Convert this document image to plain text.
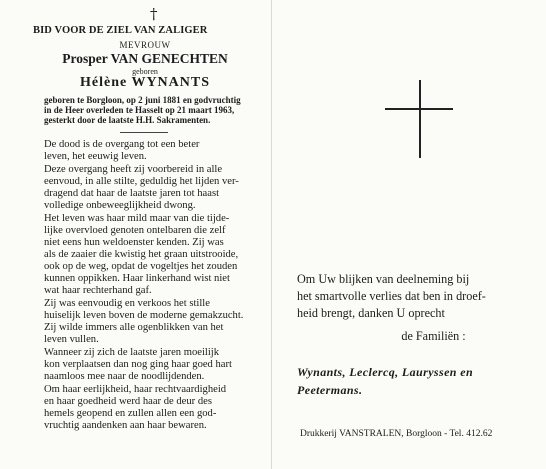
†
BID VOOR DE ZIEL VAN ZALIGER
MEVROUW
Prosper VAN GENECHTEN
geboren
Hélène WYNANTS
geboren te Borgloon, op 2 juni 1881 en godvruchtig
in de Heer overleden te Hasselt op 21 maart 1963,
gesterkt door de laatste H.H. Sakramenten.
De dood is de overgang tot een beter
leven, het eeuwig leven.
Deze overgang heeft zij voorbereid in alle
eenvoud, in alle stilte, geduldig het lijden ver-
dragend dat haar de laatste jaren tot haast
volledige onbeweeglijkheid dwong.
Het leven was haar mild maar van die tijde-
lijke overvloed genoten ontelbaren die zelf
niet eens hun weldoenster kenden. Zij was
als de zaaier die kwistig het graan uitstrooide,
ook op de weg, opdat de vogeltjes het zouden
kunnen oppikken. Haar linkerhand wist niet
wat haar rechterhand gaf.
Zij was eenvoudig en verkoos het stille
huiselijk leven boven de moderne gemakzucht.
Zij wilde immers alle ogenblikken van het
leven vullen.
Wanneer zij zich de laatste jaren moeilijk
kon verplaatsen dan nog ging haar goed hart
naamloos mee naar de noodlijdenden.
Om haar eerlijkheid, haar rechtvaardigheid
en haar goedheid werd haar de deur des
hemels geopend en zullen allen een god-
vruchtig aandenken aan haar bewaren.
Om Uw blijken van deelneming bij
het smartvolle verlies dat ben in droef-
heid brengt, danken U oprecht
de Familiën :
Wynants, Leclercq, Lauryssen en
Peetermans.
Drukkerij VANSTRALEN, Borgloon - Tel. 412.62
